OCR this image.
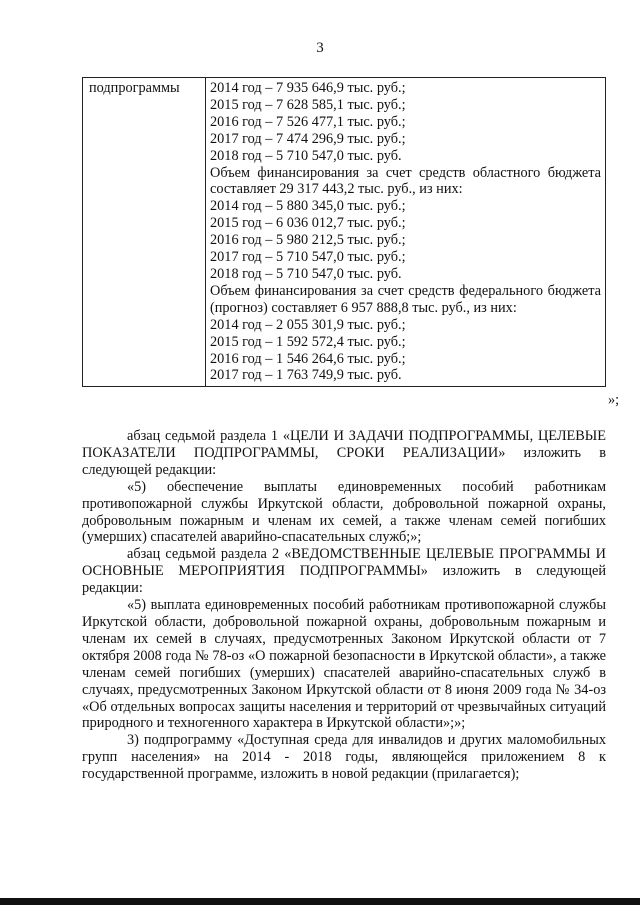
3
подпрограммы	2014 год – 7 935 646,9 тыс. руб.;
2015 год – 7 628 585,1 тыс. руб.;
2016 год – 7 526 477,1 тыс. руб.;
2017 год – 7 474 296,9 тыс. руб.;
2018 год – 5 710 547,0 тыс. руб.
Объем финансирования за счет средств областного бюджета составляет 29 317 443,2 тыс. руб., из них:
2014 год – 5 880 345,0 тыс. руб.;
2015 год – 6 036 012,7 тыс. руб.;
2016 год – 5 980 212,5 тыс. руб.;
2017 год – 5 710 547,0 тыс. руб.;
2018 год – 5 710 547,0 тыс. руб.
Объем финансирования за счет средств федерального бюджета (прогноз) составляет 6 957 888,8 тыс. руб., из них:
2014 год – 2 055 301,9 тыс. руб.;
2015 год – 1 592 572,4 тыс. руб.;
2016 год – 1 546 264,6 тыс. руб.;
2017 год – 1 763 749,9 тыс. руб.
»;

абзац седьмой раздела 1 «ЦЕЛИ И ЗАДАЧИ ПОДПРОГРАММЫ, ЦЕЛЕВЫЕ ПОКАЗАТЕЛИ ПОДПРОГРАММЫ, СРОКИ РЕАЛИЗАЦИИ» изложить в следующей редакции:

«5) обеспечение выплаты единовременных пособий работникам противопожарной службы Иркутской области, добровольной пожарной охраны, добровольным пожарным и членам их семей, а также членам семей погибших (умерших) спасателей аварийно-спасательных служб;»;

абзац седьмой раздела 2 «ВЕДОМСТВЕННЫЕ ЦЕЛЕВЫЕ ПРОГРАММЫ И ОСНОВНЫЕ МЕРОПРИЯТИЯ ПОДПРОГРАММЫ» изложить в следующей редакции:

«5) выплата единовременных пособий работникам противопожарной службы Иркутской области, добровольной пожарной охраны, добровольным пожарным и членам их семей в случаях, предусмотренных Законом Иркутской области от 7 октября 2008 года № 78-оз «О пожарной безопасности в Иркутской области», а также членам семей погибших (умерших) спасателей аварийно-спасательных служб в случаях, предусмотренных Законом Иркутской области от 8 июня 2009 года № 34-оз «Об отдельных вопросах защиты населения и территорий от чрезвычайных ситуаций природного и техногенного характера в Иркутской области»;»;

3) подпрограмму «Доступная среда для инвалидов и других маломобильных групп населения» на 2014 - 2018 годы, являющейся приложением 8 к государственной программе, изложить в новой редакции (прилагается);
